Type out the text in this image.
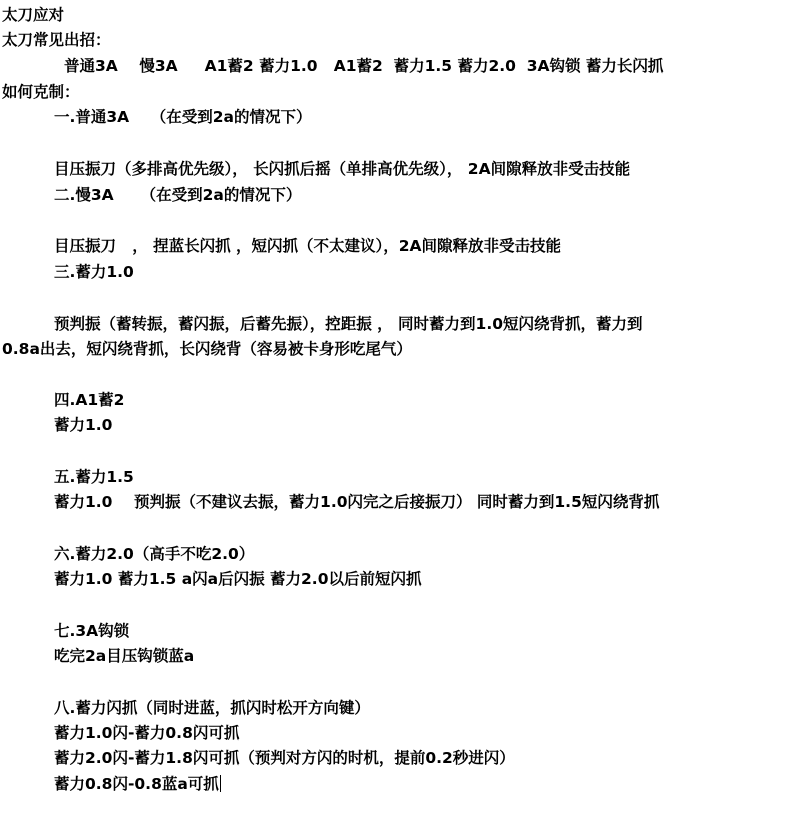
太刀应对
太刀常见出招：
普通3A    慢3A     A1蓄2 蓄力1.0   A1蓄2  蓄力1.5 蓄力2.0  3A钩锁 蓄力长闪抓
如何克制：
一.普通3A    （在受到2a的情况下）
目压振刀（多排高优先级）， 长闪抓后摇（单排高优先级）， 2A间隙释放非受击技能
二.慢3A     （在受到2a的情况下）
目压振刀   ， 捏蓝长闪抓 ，短闪抓（不太建议），2A间隙释放非受击技能
三.蓄力1.0
预判振（蓄转振，蓄闪振，后蓄先振），控距振 ， 同时蓄力到1.0短闪绕背抓，蓄力到
0.8a出去，短闪绕背抓，长闪绕背（容易被卡身形吃尾气）
四.A1蓄2
蓄力1.0
五.蓄力1.5
蓄力1.0    预判振（不建议去振，蓄力1.0闪完之后接振刀） 同时蓄力到1.5短闪绕背抓
六.蓄力2.0（高手不吃2.0）
蓄力1.0 蓄力1.5 a闪a后闪振 蓄力2.0以后前短闪抓
七.3A钩锁
吃完2a目压钩锁蓝a
八.蓄力闪抓（同时进蓝，抓闪时松开方向键）
蓄力1.0闪-蓄力0.8闪可抓
蓄力2.0闪-蓄力1.8闪可抓（预判对方闪的时机，提前0.2秒进闪）
蓄力0.8闪-0.8蓝a可抓
